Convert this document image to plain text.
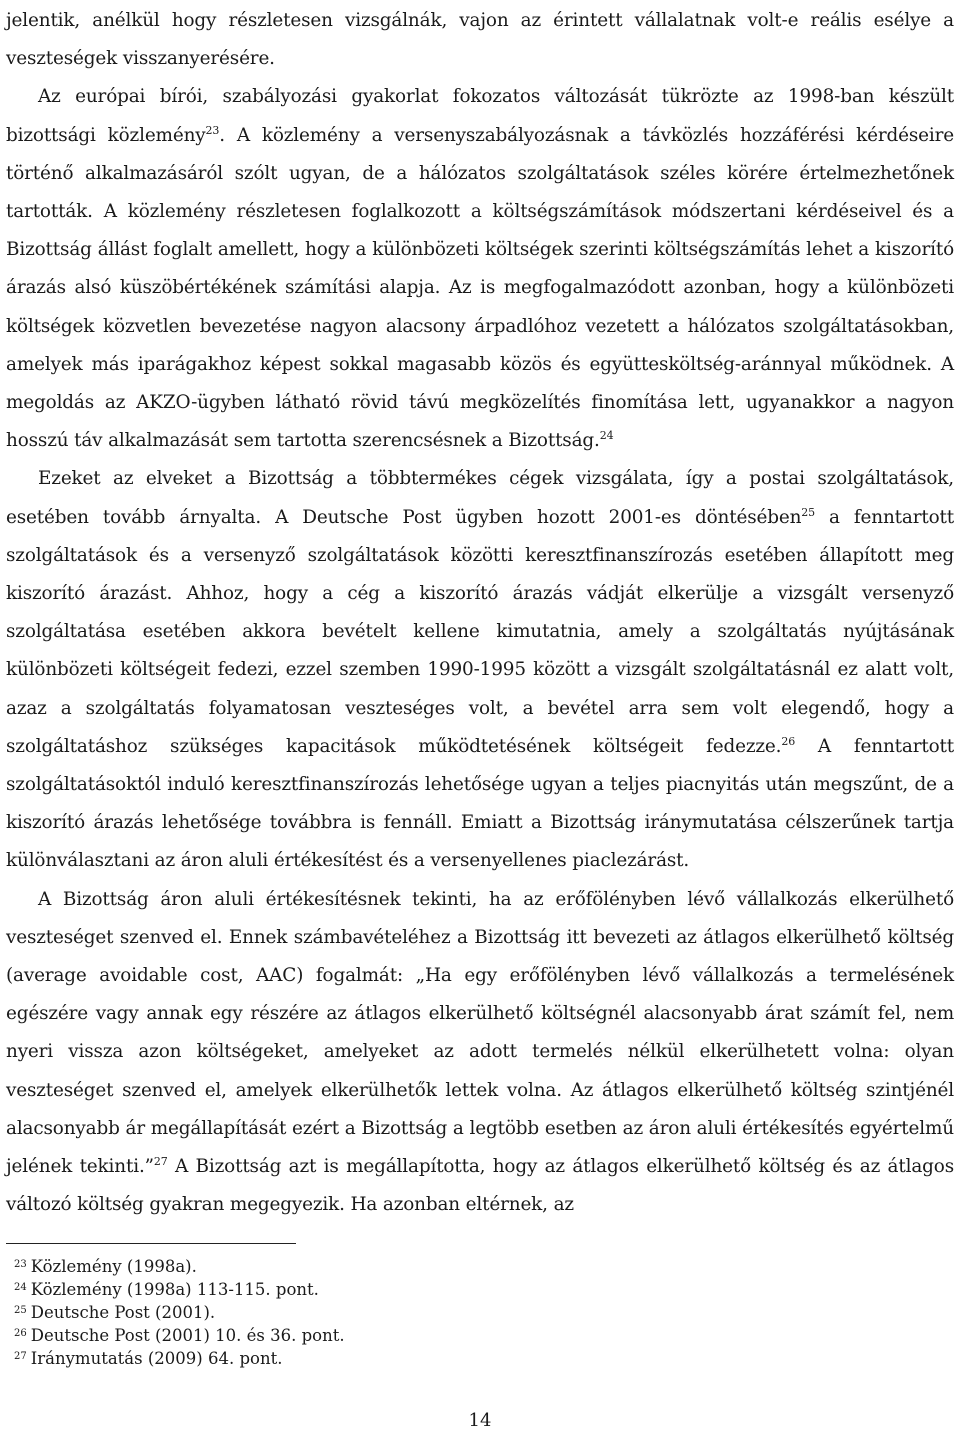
jelentik, anélkül hogy részletesen vizsgálnák, vajon az érintett vállalatnak volt-e reális esélye a veszteségek visszanyerésére.

Az európai bírói, szabályozási gyakorlat fokozatos változását tükrözte az 1998-ban készült bizottsági közlemény$^{23}$. A közlemény a versenyszabályozásnak a távközlés hozzáférési kérdéseire történő alkalmazásáról szólt ugyan, de a hálózatos szolgáltatások széles körére értelmezhetőnek tartották. A közlemény részletesen foglalkozott a költségszámítások módszertani kérdéseivel és a Bizottság állást foglalt amellett, hogy a különbözeti költségek szerinti költségszámítás lehet a kiszorító árazás alsó küszöbértékének számítási alapja. Az is megfogalmazódott azonban, hogy a különbözeti költségek közvetlen bevezetése nagyon alacsony árpadlóhoz vezetett a hálózatos szolgáltatásokban, amelyek más iparágakhoz képest sokkal magasabb közös és együttesköltség-aránnyal működnek. A megoldás az AKZO-ügyben látható rövid távú megközelítés finomítása lett, ugyanakkor a nagyon hosszú táv alkalmazását sem tartotta szerencsésnek a Bizottság.$^{24}$

Ezeket az elveket a Bizottság a többtermékes cégek vizsgálata, így a postai szolgáltatások, esetében tovább árnyalta. A Deutsche Post ügyben hozott 2001-es döntésében$^{25}$ a fenntartott szolgáltatások és a versenyző szolgáltatások közötti keresztfinanszírozás esetében állapított meg kiszorító árazást. Ahhoz, hogy a cég a kiszorító árazás vádját elkerülje a vizsgált versenyző szolgáltatása esetében akkora bevételt kellene kimutatnia, amely a szolgáltatás nyújtásának különbözeti költségeit fedezi, ezzel szemben 1990-1995 között a vizsgált szolgáltatásnál ez alatt volt, azaz a szolgáltatás folyamatosan veszteséges volt, a bevétel arra sem volt elegendő, hogy a szolgáltatáshoz szükséges kapacitások működtetésének költségeit fedezze.$^{26}$ A fenntartott szolgáltatásoktól induló keresztfinanszírozás lehetősége ugyan a teljes piacnyitás után megszűnt, de a kiszorító árazás lehetősége továbbra is fennáll. Emiatt a Bizottság iránymutatása célszerűnek tartja különválasztani az áron aluli értékesítést és a versenyellenes piaclezárást.

A Bizottság áron aluli értékesítésnek tekinti, ha az erőfölényben lévő vállalkozás elkerülhető veszteséget szenved el. Ennek számbavételéhez a Bizottság itt bevezeti az átlagos elkerülhető költség (average avoidable cost, AAC) fogalmát: „Ha egy erőfölényben lévő vállalkozás a termelésének egészére vagy annak egy részére az átlagos elkerülhető költségnél alacsonyabb árat számít fel, nem nyeri vissza azon költségeket, amelyeket az adott termelés nélkül elkerülhetett volna: olyan veszteséget szenved el, amelyek elkerülhetők lettek volna. Az átlagos elkerülhető költség szintjénél alacsonyabb ár megállapítását ezért a Bizottság a legtöbb esetben az áron aluli értékesítés egyértelmű jelének tekinti.”$^{27}$ A Bizottság azt is megállapította, hogy az átlagos elkerülhető költség és az átlagos változó költség gyakran megegyezik. Ha azonban eltérnek, az

$^{23}$ Közlemény (1998a).
$^{24}$ Közlemény (1998a) 113-115. pont.
$^{25}$ Deutsche Post (2001).
$^{26}$ Deutsche Post (2001) 10. és 36. pont.
$^{27}$ Iránymutatás (2009) 64. pont.
14
